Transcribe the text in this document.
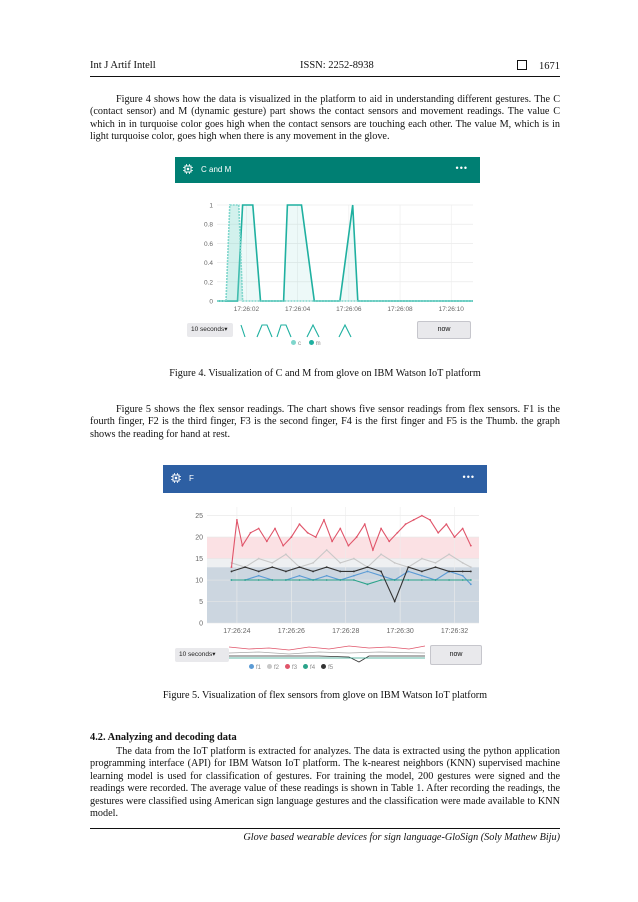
Int J Artif Intell	ISSN: 2252-8938	1671

Figure 4 shows how the data is visualized in the platform to aid in understanding different gestures. The C (contact sensor) and M (dynamic gesture) part shows the contact sensors and movement readings. The value C which in in turquoise color goes high when the contact sensors are touching each other. The value M, which is in light turquoise color, goes high when there is any movement in the glove.

C and M	•••
0
0.2
0.4
0.6
0.8
1
17:26:02	17:26:04	17:26:06	17:26:08	17:26:10
10 seconds▾	now
c m
Figure 4. Visualization of C and M from glove on IBM Watson IoT platform

Figure 5 shows the flex sensor readings. The chart shows five sensor readings from flex sensors. F1 is the fourth finger, F2 is the third finger, F3 is the second finger, F4 is the first finger and F5 is the Thumb. the graph shows the reading for hand at rest.

F	•••
0
5
10
15
20
25
17:26:24	17:26:26	17:26:28	17:26:30	17:26:32
10 seconds▾	now
f1 f2 f3 f4 f5
Figure 5. Visualization of flex sensors from glove on IBM Watson IoT platform
4.2. Analyzing and decoding data

The data from the IoT platform is extracted for analyzes. The data is extracted using the python application programming interface (API) for IBM Watson IoT platform. The k-nearest neighbors (KNN) supervised machine learning model is used for classification of gestures. For training the model, 200 gestures were signed and the readings were recorded. The average value of these readings is shown in Table 1. After recording the readings, the gestures were classified using American sign language gestures and the classification were made available to KNN model.

Glove based wearable devices for sign language-GloSign (Soly Mathew Biju)
